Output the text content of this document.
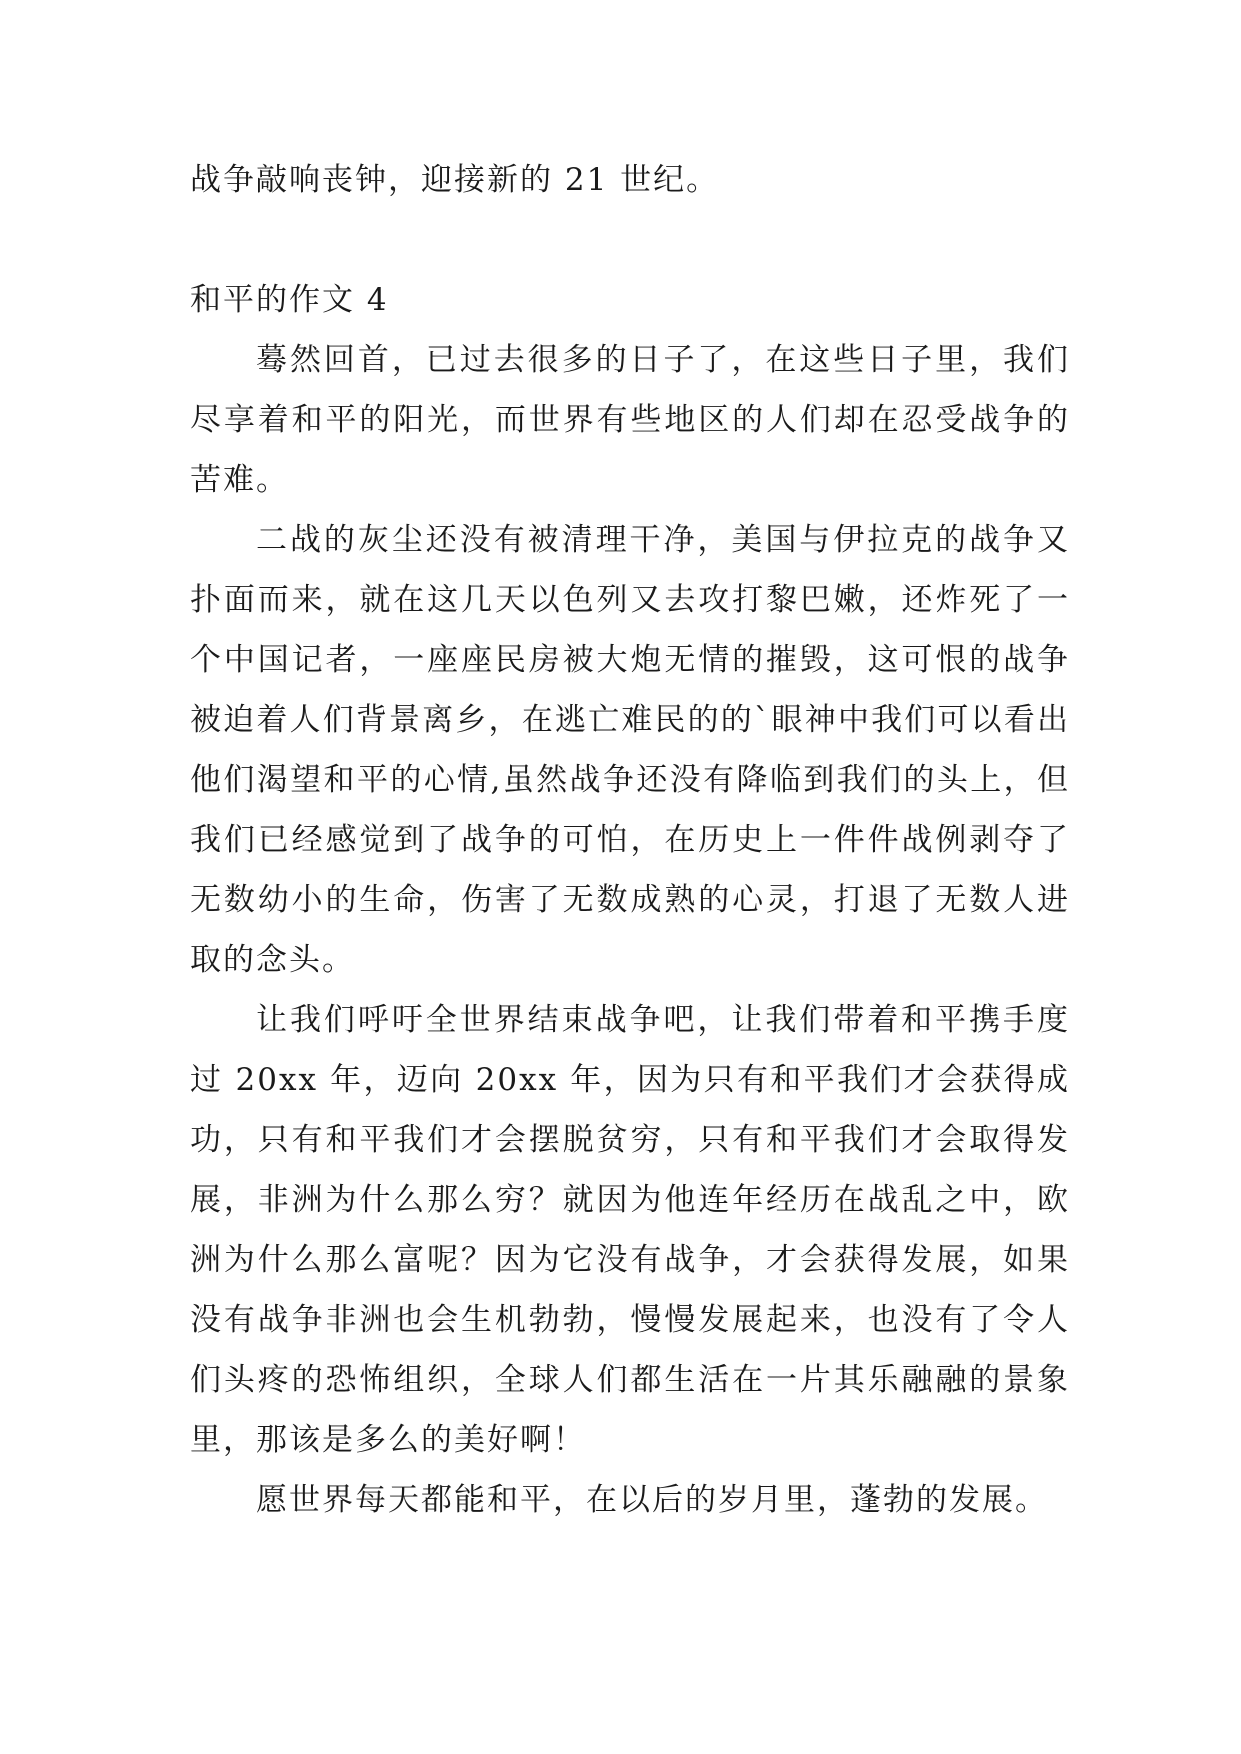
战争敲响丧钟，迎接新的 21 世纪。

和平的作文 4

蓦然回首，已过去很多的日子了，在这些日子里，我们尽享着和平的阳光，而世界有些地区的人们却在忍受战争的苦难。

二战的灰尘还没有被清理干净，美国与伊拉克的战争又扑面而来，就在这几天以色列又去攻打黎巴嫩，还炸死了一个中国记者，一座座民房被大炮无情的摧毁，这可恨的战争被迫着人们背景离乡，在逃亡难民的的`眼神中我们可以看出他们渴望和平的心情,虽然战争还没有降临到我们的头上，但我们已经感觉到了战争的可怕，在历史上一件件战例剥夺了无数幼小的生命，伤害了无数成熟的心灵，打退了无数人进取的念头。

让我们呼吁全世界结束战争吧，让我们带着和平携手度过 20xx 年，迈向 20xx 年，因为只有和平我们才会获得成功，只有和平我们才会摆脱贫穷，只有和平我们才会取得发展，非洲为什么那么穷？就因为他连年经历在战乱之中，欧洲为什么那么富呢？因为它没有战争，才会获得发展，如果没有战争非洲也会生机勃勃，慢慢发展起来，也没有了令人们头疼的恐怖组织，全球人们都生活在一片其乐融融的景象里，那该是多么的美好啊！

愿世界每天都能和平，在以后的岁月里，蓬勃的发展。
